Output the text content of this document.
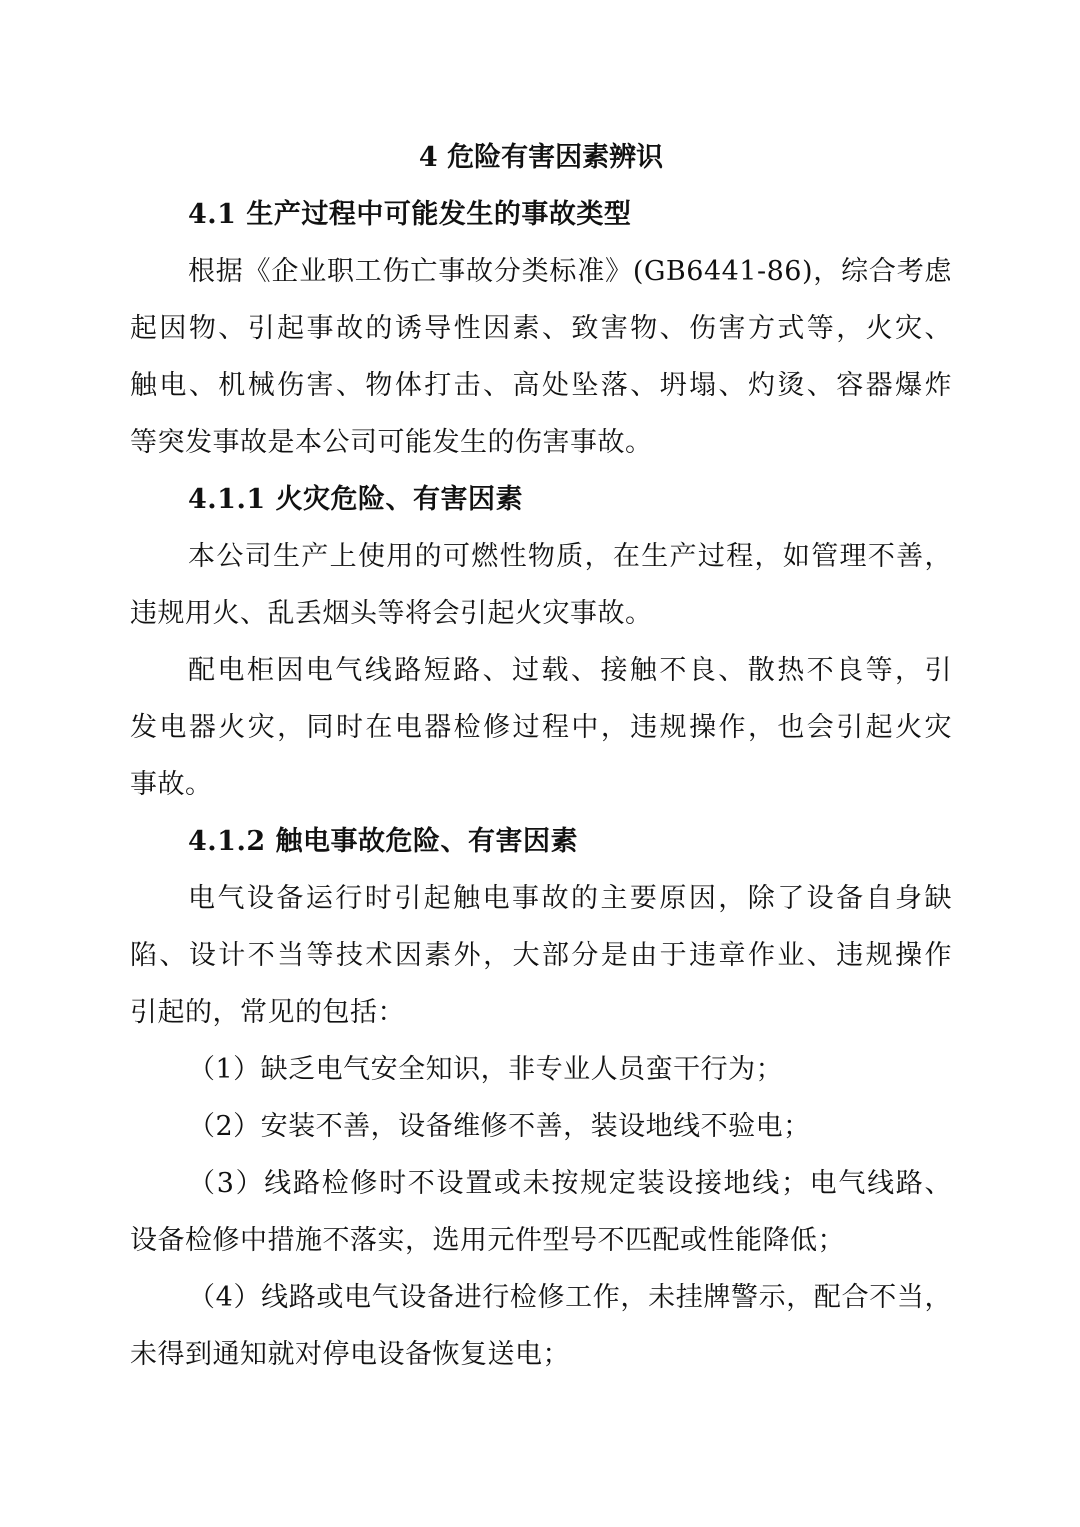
4 危险有害因素辨识
4.1 生产过程中可能发生的事故类型
根据《企业职工伤亡事故分类标准》(GB6441-86)，综合考虑
起因物、引起事故的诱导性因素、致害物、伤害方式等，火灾、
触电、机械伤害、物体打击、高处坠落、坍塌、灼烫、容器爆炸
等突发事故是本公司可能发生的伤害事故。
4.1.1 火灾危险、有害因素
本公司生产上使用的可燃性物质，在生产过程，如管理不善，
违规用火、乱丢烟头等将会引起火灾事故。
配电柜因电气线路短路、过载、接触不良、散热不良等，引
发电器火灾，同时在电器检修过程中，违规操作，也会引起火灾
事故。
4.1.2 触电事故危险、有害因素
电气设备运行时引起触电事故的主要原因，除了设备自身缺
陷、设计不当等技术因素外，大部分是由于违章作业、违规操作
引起的，常见的包括：
（1）缺乏电气安全知识，非专业人员蛮干行为；
（2）安装不善，设备维修不善，装设地线不验电；
（3）线路检修时不设置或未按规定装设接地线；电气线路、
设备检修中措施不落实，选用元件型号不匹配或性能降低；
（4）线路或电气设备进行检修工作，未挂牌警示，配合不当，
未得到通知就对停电设备恢复送电；
